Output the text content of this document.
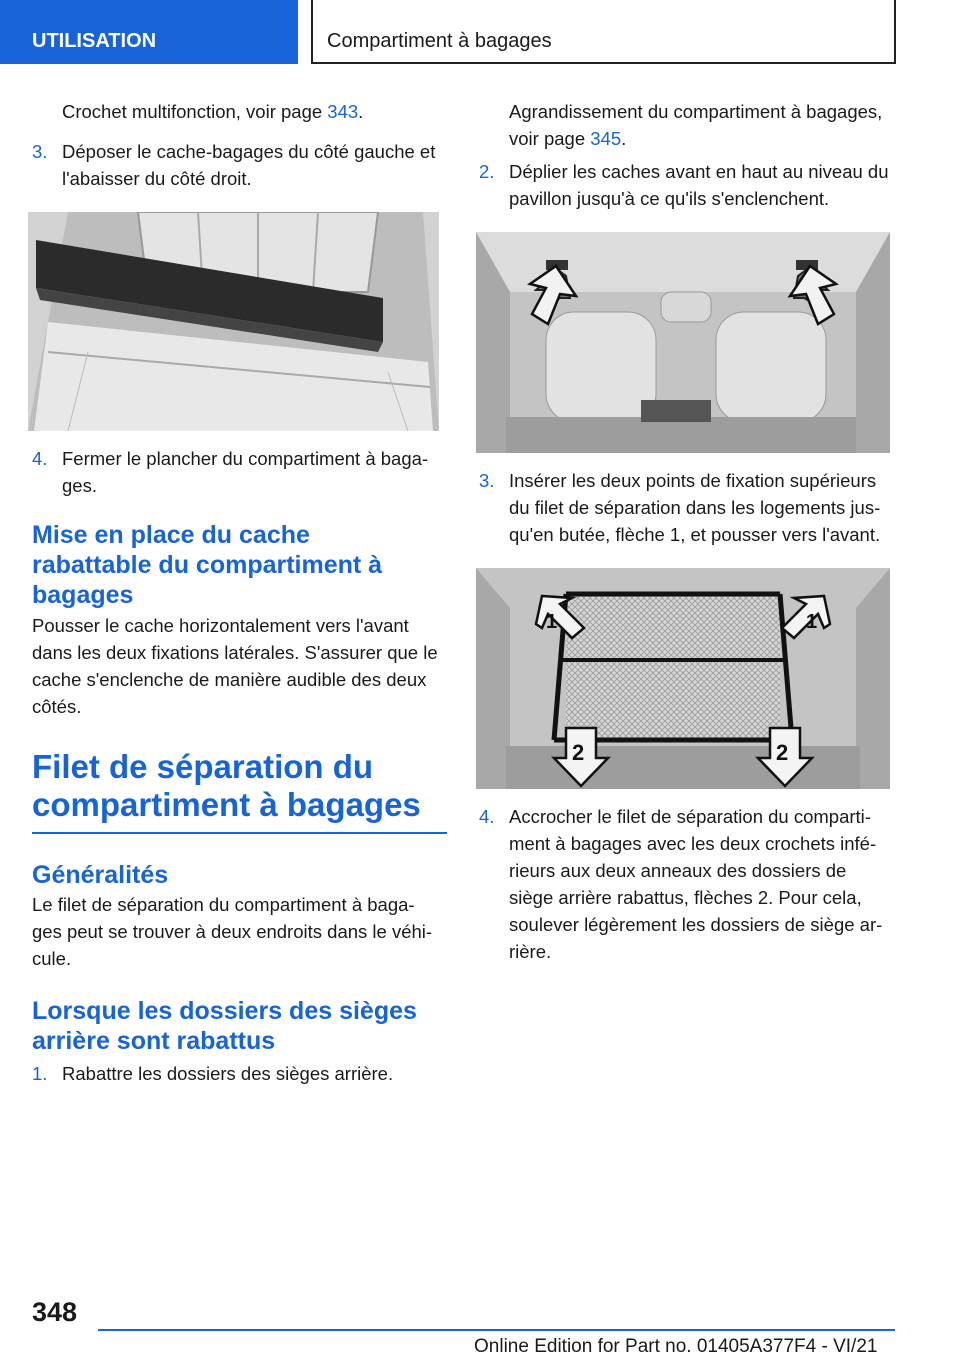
UTILISATION	Compartiment à bagages

Crochet multifonction, voir page 343.

3. Déposer le cache-bagages du côté gauche et l'abaisser du côté droit.
4. Fermer le plancher du compartiment à baga-
ges.
Mise en place du cache
rabattable du compartiment à
bagages

Pousser le cache horizontalement vers l'avant dans les deux fixations latérales. S'assurer que le cache s'enclenche de manière audible des deux côtés.

Filet de séparation du
compartiment à bagages
Généralités
Le filet de séparation du compartiment à baga-
ges peut se trouver à deux endroits dans le véhi-
cule.
Lorsque les dossiers des sièges
arrière sont rabattus
1. Rabattre les dossiers des sièges arrière.

Agrandissement du compartiment à bagages, voir page 345.

2. Déplier les caches avant en haut au niveau du pavillon jusqu'à ce qu'ils s'enclenchent.
3. Insérer les deux points de fixation supérieurs
du filet de séparation dans les logements jus-
qu'en butée, flèche 1, et pousser vers l'avant.
1	1
2	2
4. Accrocher le filet de séparation du comparti-
ment à bagages avec les deux crochets infé-
rieurs aux deux anneaux des dossiers de
siège arrière rabattus, flèches 2. Pour cela,
soulever légèrement les dossiers de siège ar-
rière.
348
Online Edition for Part no. 01405A377F4 - VI/21
